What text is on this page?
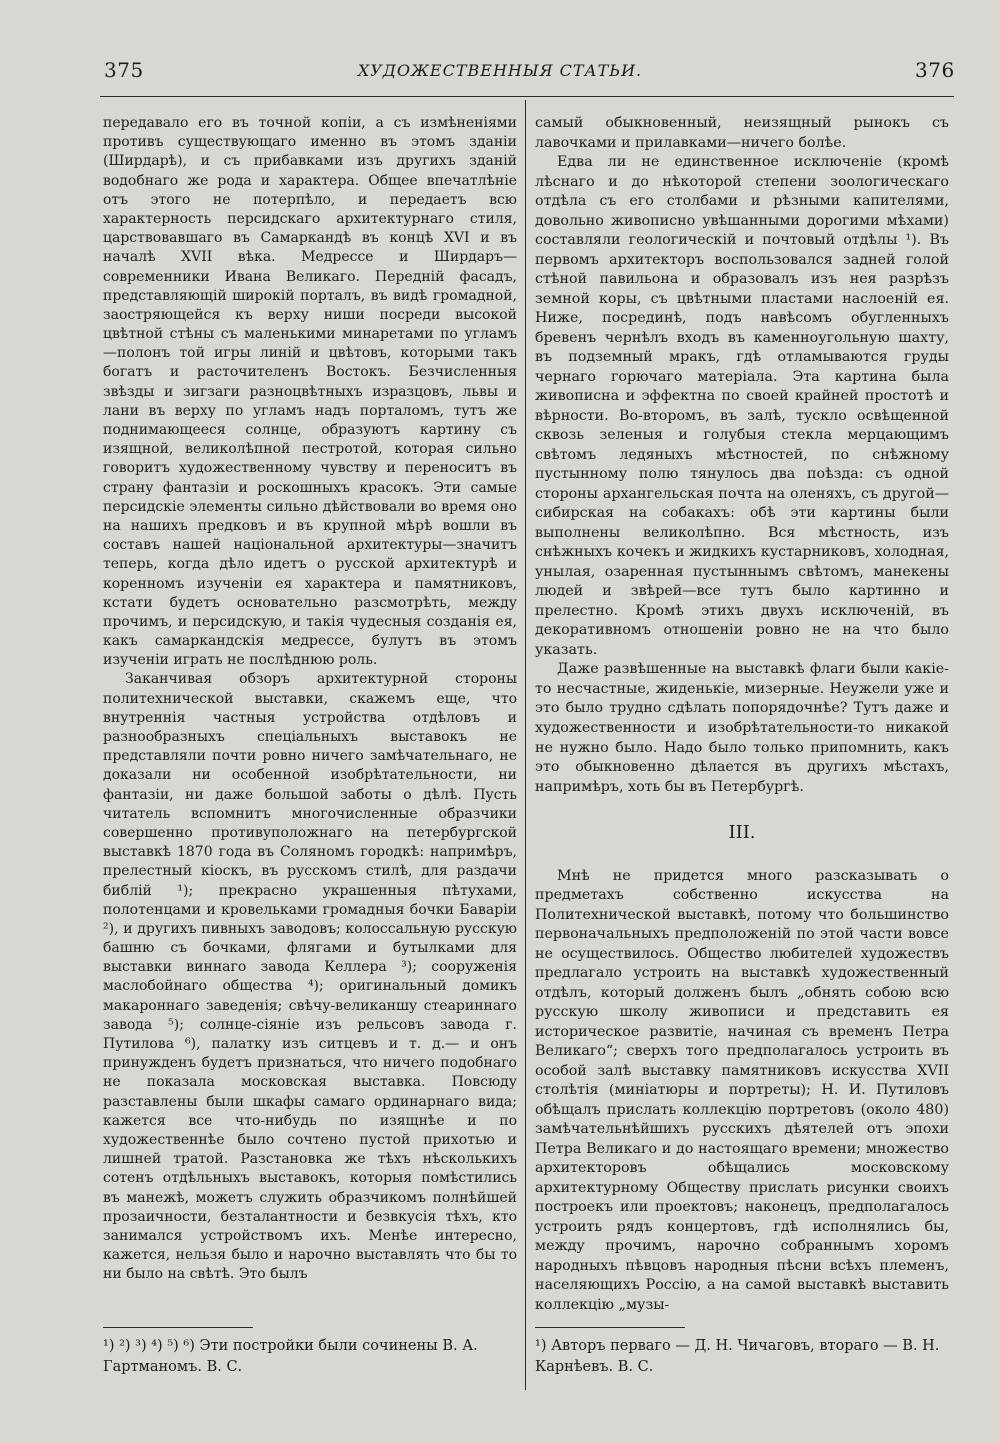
375	ХУДОЖЕСТВЕННЫЯ СТАТЬИ.	376

передавало его въ точной копіи, а съ измѣненіями противъ существующаго именно въ этомъ зданіи (Ширдарѣ), и съ прибавками изъ другихъ зданій водобнаго же рода и характера. Общее впечатлѣніе отъ этого не потерпѣло, и передаетъ всю характерность персидскаго архитектурнаго стиля, царствовавшаго въ Самаркандѣ въ концѣ XVI и въ началѣ XVII вѣка. Медрессе и Ширдаръ—современники Ивана Великаго. Передній фасадъ, представляющій широкій порталъ, въ видѣ громадной, заостряющейся къ верху ниши посреди высокой цвѣтной стѣны съ маленькими минаретами по угламъ—полонъ той игры линій и цвѣтовъ, которыми такъ богатъ и расточителенъ Востокъ. Безчисленныя звѣзды и зигзаги разноцвѣтныхъ изразцовъ, львы и лани въ верху по угламъ надъ порталомъ, тутъ же поднимающееся солнце, образуютъ картину съ изящной, великолѣпной пестротой, которая сильно говоритъ художественному чувству и переноситъ въ страну фантазіи и роскошныхъ красокъ. Эти самые персидскіе элементы сильно дѣйствовали во время оно на нашихъ предковъ и въ крупной мѣрѣ вошли въ составъ нашей національной архитектуры—значитъ теперь, когда дѣло идетъ о русской архитектурѣ и коренномъ изученіи ея характера и памятниковъ, кстати будетъ основательно разсмотрѣть, между прочимъ, и персидскую, и такія чудесныя созданія ея, какъ самаркандскія медрессе, булутъ въ этомъ изученіи играть не послѣднюю роль.

Заканчивая обзоръ архитектурной стороны политехнической выставки, скажемъ еще, что внутреннія частныя устройства отдѣловъ и разнообразныхъ спеціальныхъ выставокъ не представляли почти ровно ничего замѣчательнаго, не доказали ни особенной изобрѣтательности, ни фантазіи, ни даже большой заботы о дѣлѣ. Пусть читатель вспомнитъ многочисленные образчики совершенно противуположнаго на петербургской выставкѣ 1870 года въ Соляномъ городкѣ: напримѣръ, прелестный кіоскъ, въ русскомъ стилѣ, для раздачи библій ¹); прекрасно украшенныя пѣтухами, полотенцами и кровельками громадныя бочки Баваріи ²), и другихъ пивныхъ заводовъ; колоссальную русскую башню съ бочками, флягами и бутылками для выставки виннаго завода Келлера ³); сооруженія маслобойнаго общества ⁴); оригинальный домикъ макароннаго заведенія; свѣчу-великаншу стеариннаго завода ⁵); солнце-сіяніе изъ рельсовъ завода г. Путилова ⁶), палатку изъ ситцевъ и т. д.— и онъ принужденъ будетъ признаться, что ничего подобнаго не показала московская выставка. Повсюду разставлены были шкафы самаго ординарнаго вида; кажется все что-нибудь по изящнѣе и по художественнѣе было сочтено пустой прихотью и лишней тратой. Разстановка же тѣхъ нѣсколькихъ сотенъ отдѣльныхъ выставокъ, которыя помѣстились въ манежѣ, можетъ служить образчикомъ полнѣйшей прозаичности, безталантности и безвкусія тѣхъ, кто занимался устройствомъ ихъ. Менѣе интересно, кажется, нельзя было и нарочно выставлять что бы то ни было на свѣтѣ. Это былъ

самый обыкновенный, неизящный рынокъ съ лавочками и прилавками—ничего болѣе.

Едва ли не единственное исключеніе (кромѣ лѣснаго и до нѣкоторой степени зоологическаго отдѣла съ его столбами и рѣзными капителями, довольно живописно увѣшанными дорогими мѣхами) составляли геологическій и почтовый отдѣлы ¹). Въ первомъ архитекторъ воспользовался задней голой стѣной павильона и образовалъ изъ нея разрѣзъ земной коры, съ цвѣтными пластами наслоеній ея. Ниже, посрединѣ, подъ навѣсомъ обугленныхъ бревенъ чернѣлъ входъ въ каменноугольную шахту, въ подземный мракъ, гдѣ отламываются груды чернаго горючаго матеріала. Эта картина была живописна и эффектна по своей крайней простотѣ и вѣрности. Во-второмъ, въ залѣ, тускло освѣщенной сквозь зеленыя и голубыя стекла мерцающимъ свѣтомъ ледяныхъ мѣстностей, по снѣжному пустынному полю тянулось два поѣзда: съ одной стороны архангельская почта на оленяхъ, съ другой— сибирская на собакахъ: обѣ эти картины были выполнены великолѣпно. Вся мѣстность, изъ снѣжныхъ кочекъ и жидкихъ кустарниковъ, холодная, унылая, озаренная пустыннымъ свѣтомъ, манекены людей и звѣрей—все тутъ было картинно и прелестно. Кромѣ этихъ двухъ исключеній, въ декоративномъ отношеніи ровно не на что было указать.

Даже развѣшенные на выставкѣ флаги были какіе-то несчастные, жиденькіе, мизерные. Неужели уже и это было трудно сдѣлать попорядочнѣе? Тутъ даже и художественности и изобрѣтательности-то никакой не нужно было. Надо было только припомнить, какъ это обыкновенно дѣлается въ другихъ мѣстахъ, напримѣръ, хоть бы въ Петербургѣ.

III.

Мнѣ не придется много разсказывать о предметахъ собственно искусства на Политехнической выставкѣ, потому что большинство первоначальныхъ предположеній по этой части вовсе не осуществилось. Общество любителей художествъ предлагало устроить на выставкѣ художественный отдѣлъ, который долженъ былъ „обнять собою всю русскую школу живописи и представить ея историческое развитіе, начиная съ временъ Петра Великаго“; сверхъ того предполагалось устроить въ особой залѣ выставку памятниковъ искусства XVII столѣтія (миніатюры и портреты); Н. И. Путиловъ обѣщалъ прислать коллекцію портретовъ (около 480) замѣчательнѣйшихъ русскихъ дѣятелей отъ эпохи Петра Великаго и до настоящаго времени; множество архитекторовъ обѣщались московскому архитектурному Обществу прислать рисунки своихъ построекъ или проектовъ; наконецъ, предполагалось устроить рядъ концертовъ, гдѣ исполнялись бы, между прочимъ, нарочно собраннымъ хоромъ народныхъ пѣвцовъ народныя пѣсни всѣхъ племенъ, населяющихъ Россію, а на самой выставкѣ выставить коллекцію „музы-

¹) ²) ³) ⁴) ⁵) ⁶) Эти постройки были сочинены В. А. Гартманомъ. В. С.
¹) Авторъ перваго — Д. Н. Чичаговъ, втораго — В. Н. Карнѣевъ. В. С.
